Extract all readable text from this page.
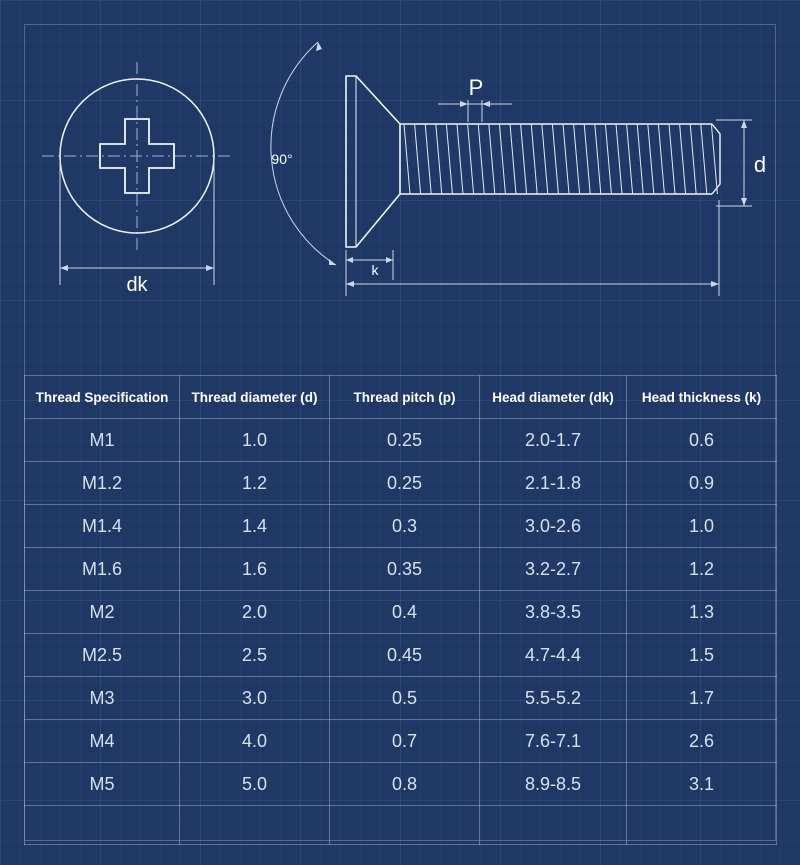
dk
90°
P
d
k
Thread Specification	Thread diameter (d)	Thread pitch (p)	Head diameter (dk)	Head thickness (k)
M1	1.0	0.25	2.0-1.7	0.6
M1.2	1.2	0.25	2.1-1.8	0.9
M1.4	1.4	0.3	3.0-2.6	1.0
M1.6	1.6	0.35	3.2-2.7	1.2
M2	2.0	0.4	3.8-3.5	1.3
M2.5	2.5	0.45	4.7-4.4	1.5
M3	3.0	0.5	5.5-5.2	1.7
M4	4.0	0.7	7.6-7.1	2.6
M5	5.0	0.8	8.9-8.5	3.1
